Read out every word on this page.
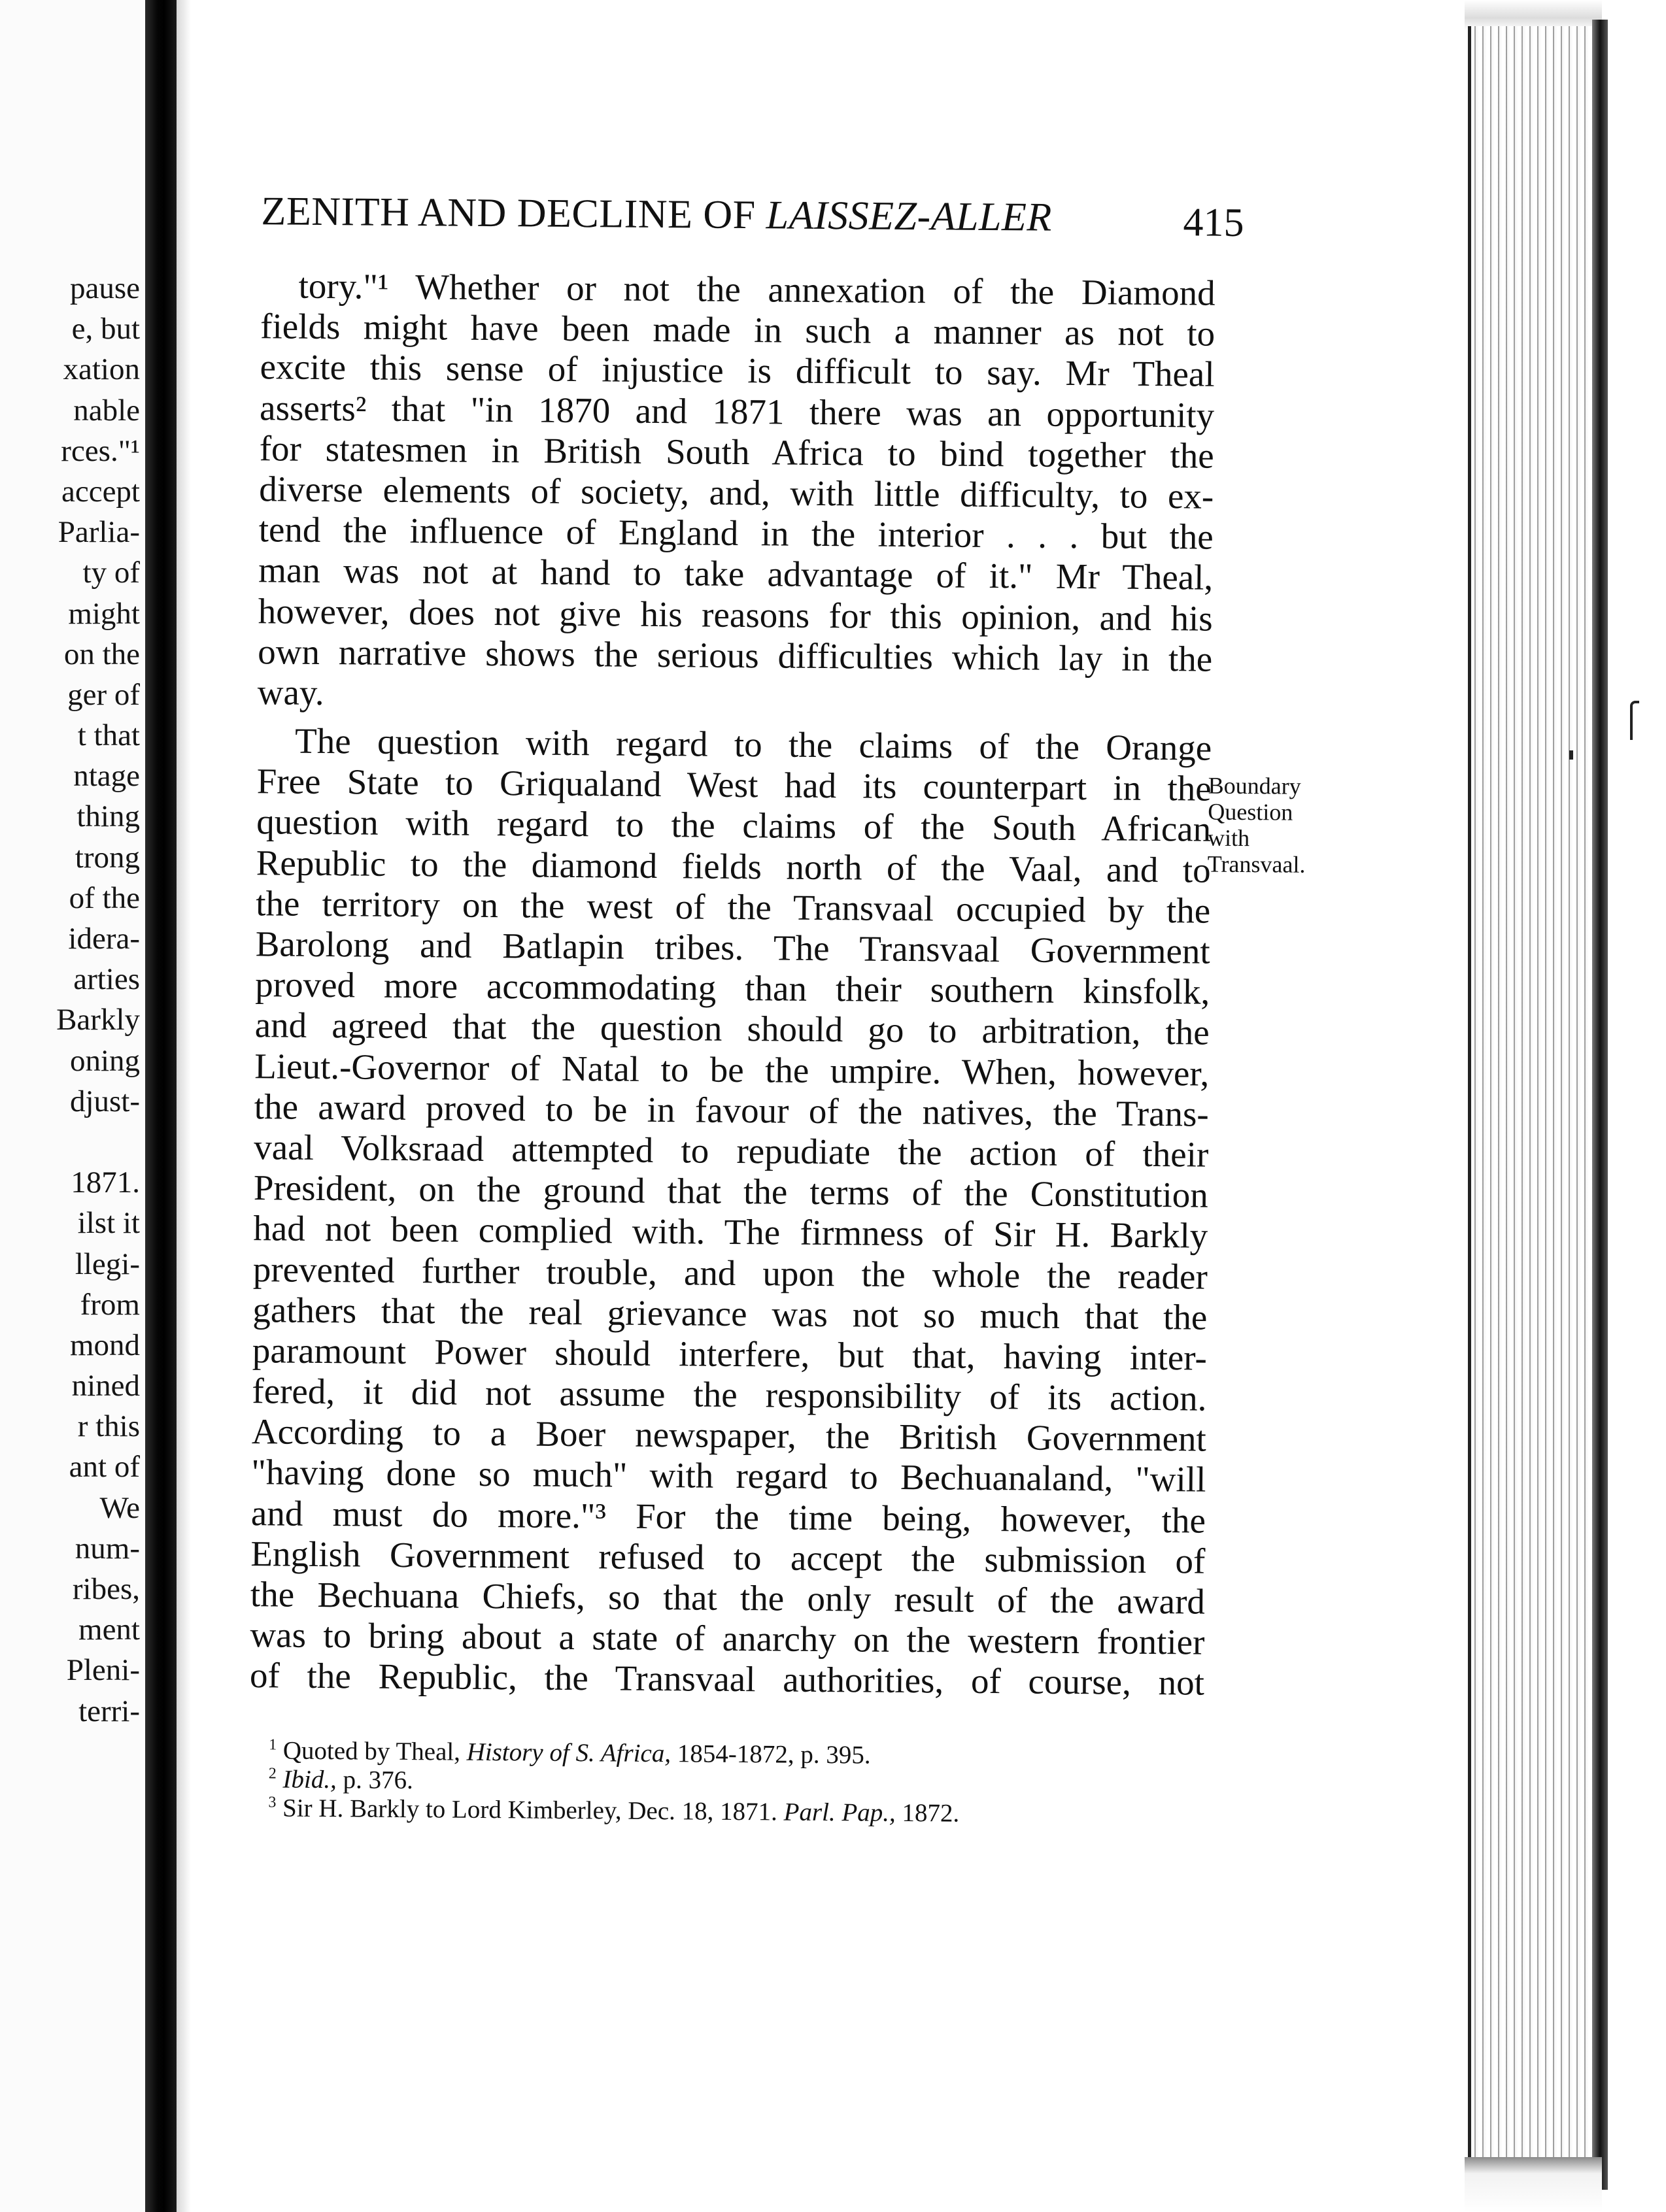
pause
e, but
xation
nable
rces."¹
accept
Parlia-
ty of
might
on the
ger of
t that
ntage
thing
trong
of the
idera-
arties
Barkly
oning
djust-
1871.
ilst it
llegi-
from
mond
nined
r this
ant of
We
num-
ribes,
ment
Pleni-
terri-
ZENITH AND DECLINE OF LAISSEZ-ALLER	415
tory."¹ Whether or not the annexation of the Diamond
fields might have been made in such a manner as not to
excite this sense of injustice is difficult to say. Mr Theal
asserts² that "in 1870 and 1871 there was an opportunity
for statesmen in British South Africa to bind together the
diverse elements of society, and, with little difficulty, to ex-
tend the influence of England in the interior . . . but the
man was not at hand to take advantage of it." Mr Theal,
however, does not give his reasons for this opinion, and his
own narrative shows the serious difficulties which lay in the
way.
The question with regard to the claims of the Orange
Free State to Griqualand West had its counterpart in the
question with regard to the claims of the South African
Republic to the diamond fields north of the Vaal, and to
the territory on the west of the Transvaal occupied by the
Barolong and Batlapin tribes. The Transvaal Government
proved more accommodating than their southern kinsfolk,
and agreed that the question should go to arbitration, the
Lieut.-Governor of Natal to be the umpire. When, however,
the award proved to be in favour of the natives, the Trans-
vaal Volksraad attempted to repudiate the action of their
President, on the ground that the terms of the Constitution
had not been complied with. The firmness of Sir H. Barkly
prevented further trouble, and upon the whole the reader
gathers that the real grievance was not so much that the
paramount Power should interfere, but that, having inter-
fered, it did not assume the responsibility of its action.
According to a Boer newspaper, the British Government
"having done so much" with regard to Bechuanaland, "will
and must do more."³ For the time being, however, the
English Government refused to accept the submission of
the Bechuana Chiefs, so that the only result of the award
was to bring about a state of anarchy on the western frontier
of the Republic, the Transvaal authorities, of course, not
Boundary
Question
with
Transvaal.
$^1$ Quoted by Theal, History of S. Africa, 1854-1872, p. 395.
$^2$ Ibid., p. 376.
$^3$ Sir H. Barkly to Lord Kimberley, Dec. 18, 1871. Parl. Pap., 1872.
